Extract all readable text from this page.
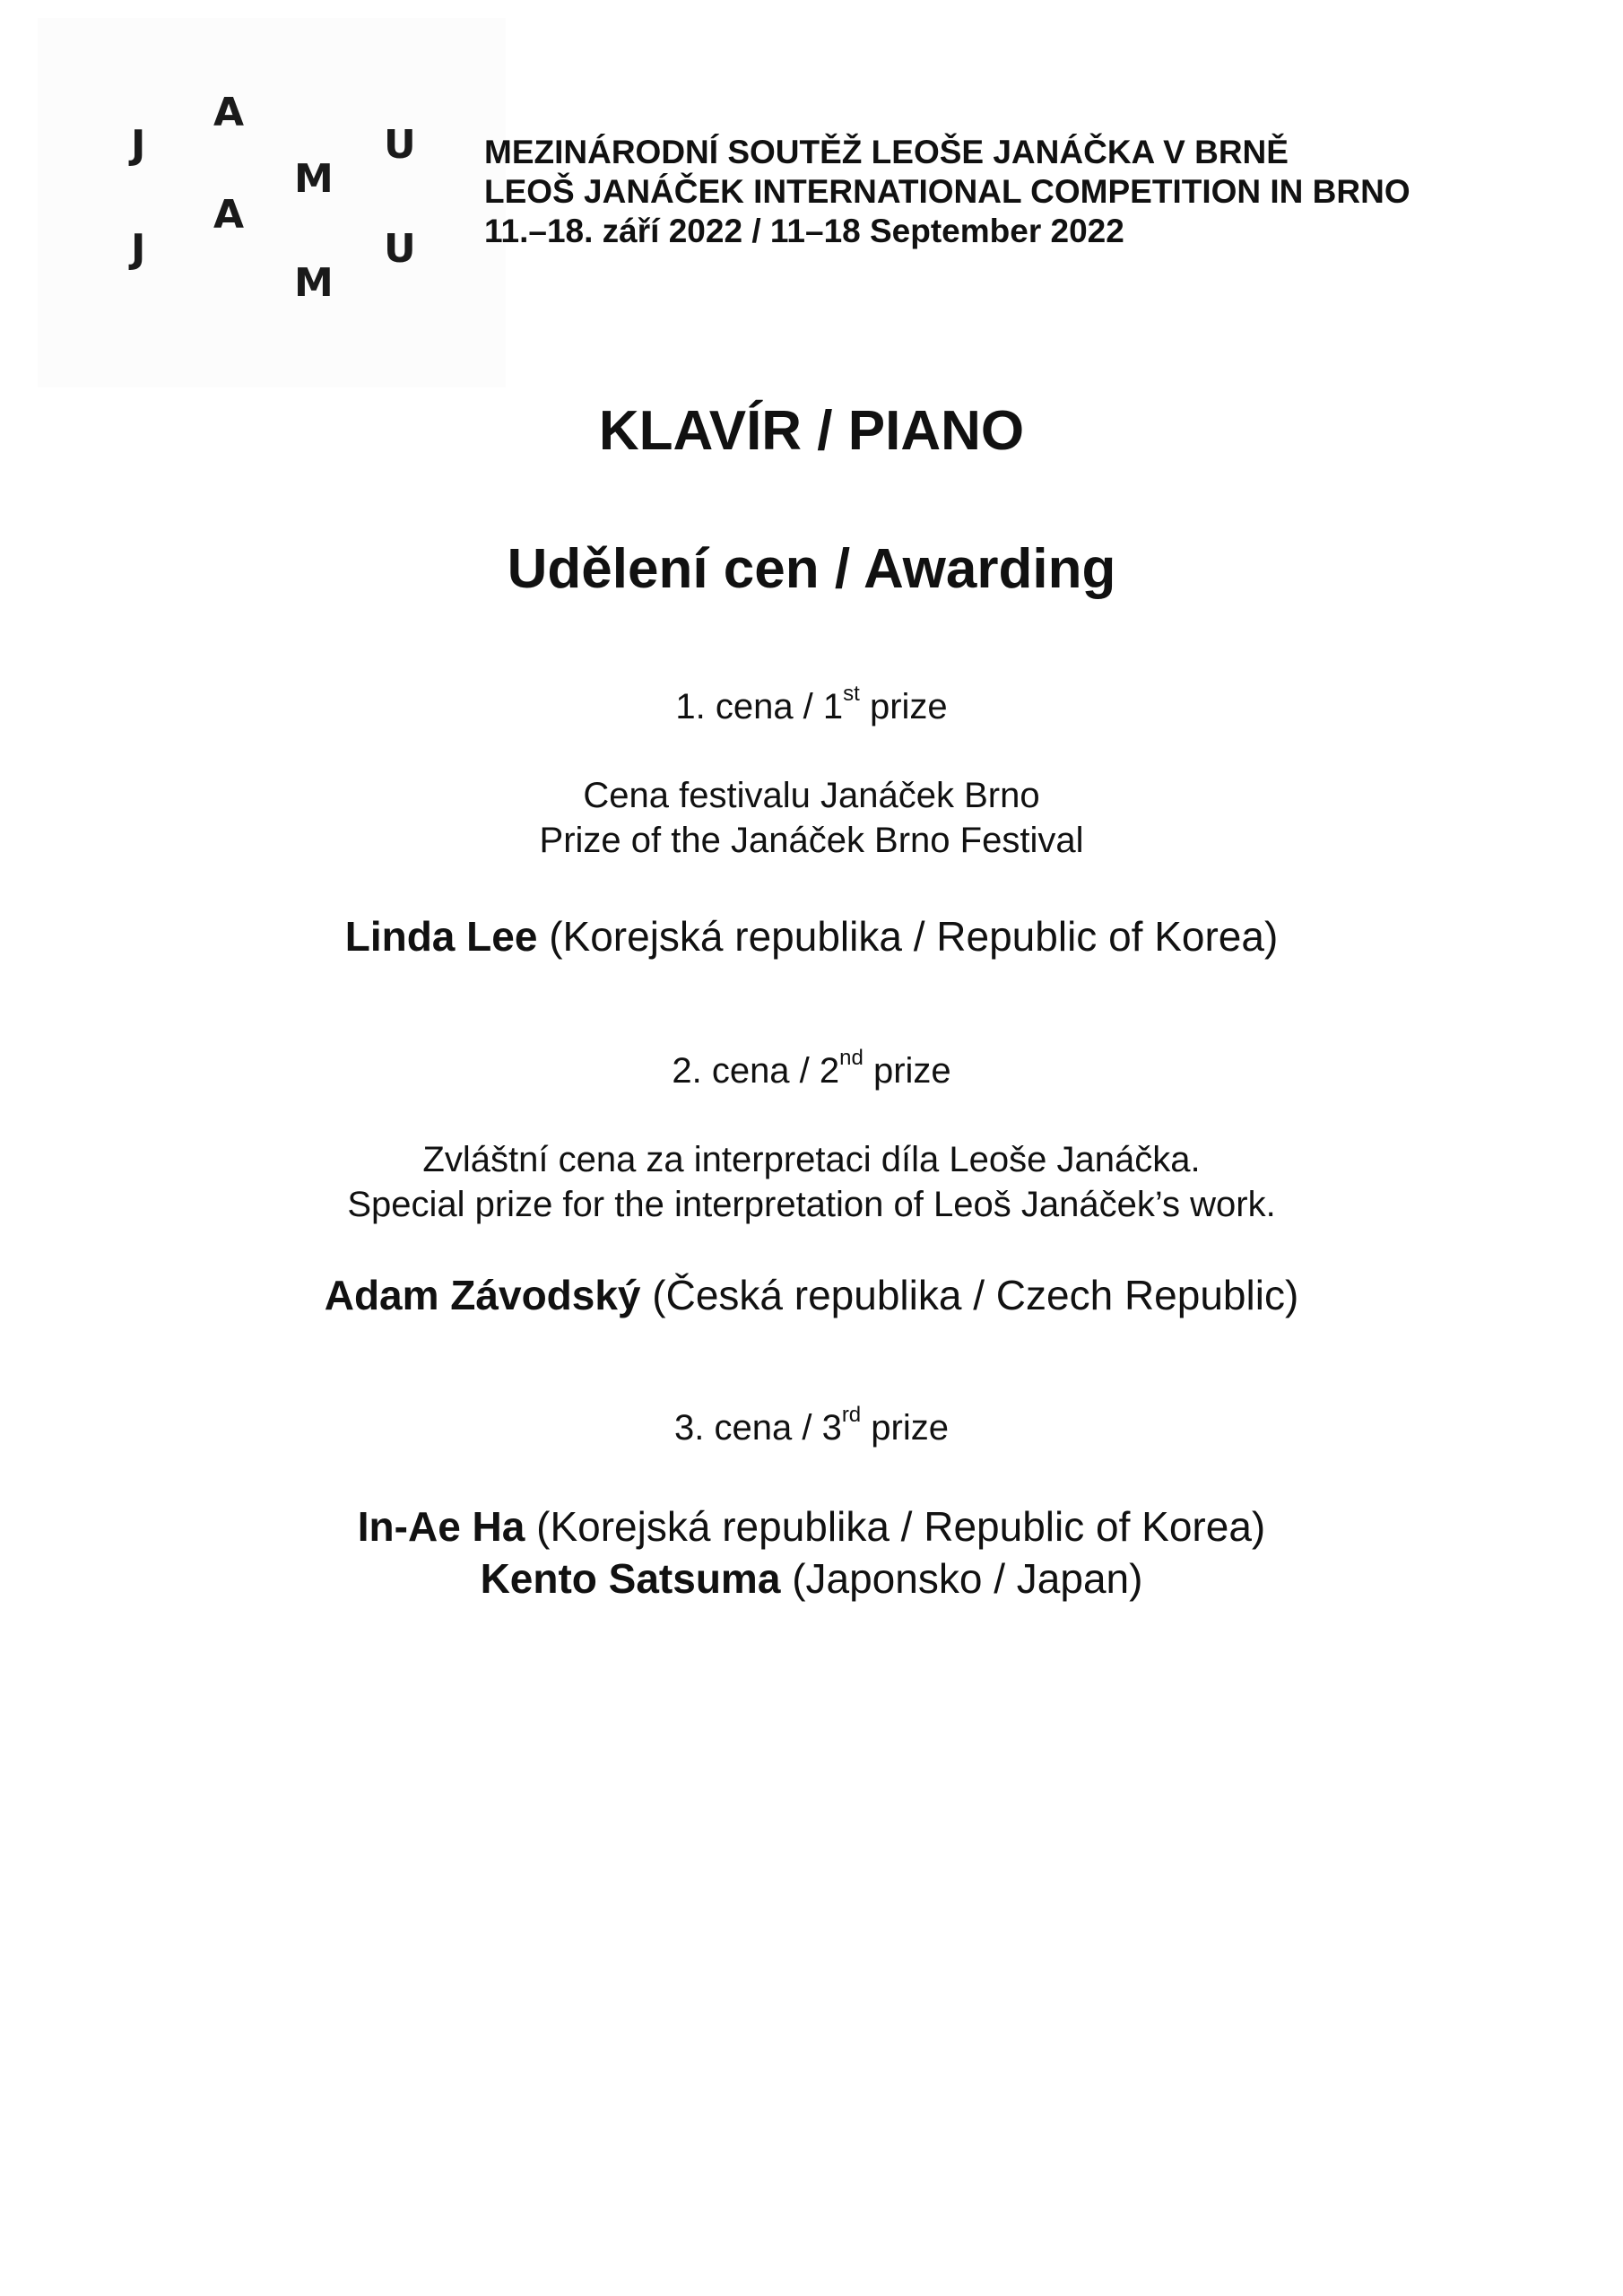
A
J	U
M
A
J	U
M
MEZINÁRODNÍ SOUTĚŽ LEOŠE JANÁČKA V BRNĚ
LEOŠ JANÁČEK INTERNATIONAL COMPETITION IN BRNO
11.–18. září 2022 / 11–18 September 2022
KLAVÍR / PIANO
Udělení cen / Awarding
1. cena / 1st prize
Cena festivalu Janáček Brno
Prize of the Janáček Brno Festival
Linda Lee (Korejská republika / Republic of Korea)
2. cena / 2nd prize
Zvláštní cena za interpretaci díla Leoše Janáčka.
Special prize for the interpretation of Leoš Janáček’s work.
Adam Závodský (Česká republika / Czech Republic)
3. cena / 3rd prize
In-Ae Ha (Korejská republika / Republic of Korea)
Kento Satsuma (Japonsko / Japan)
